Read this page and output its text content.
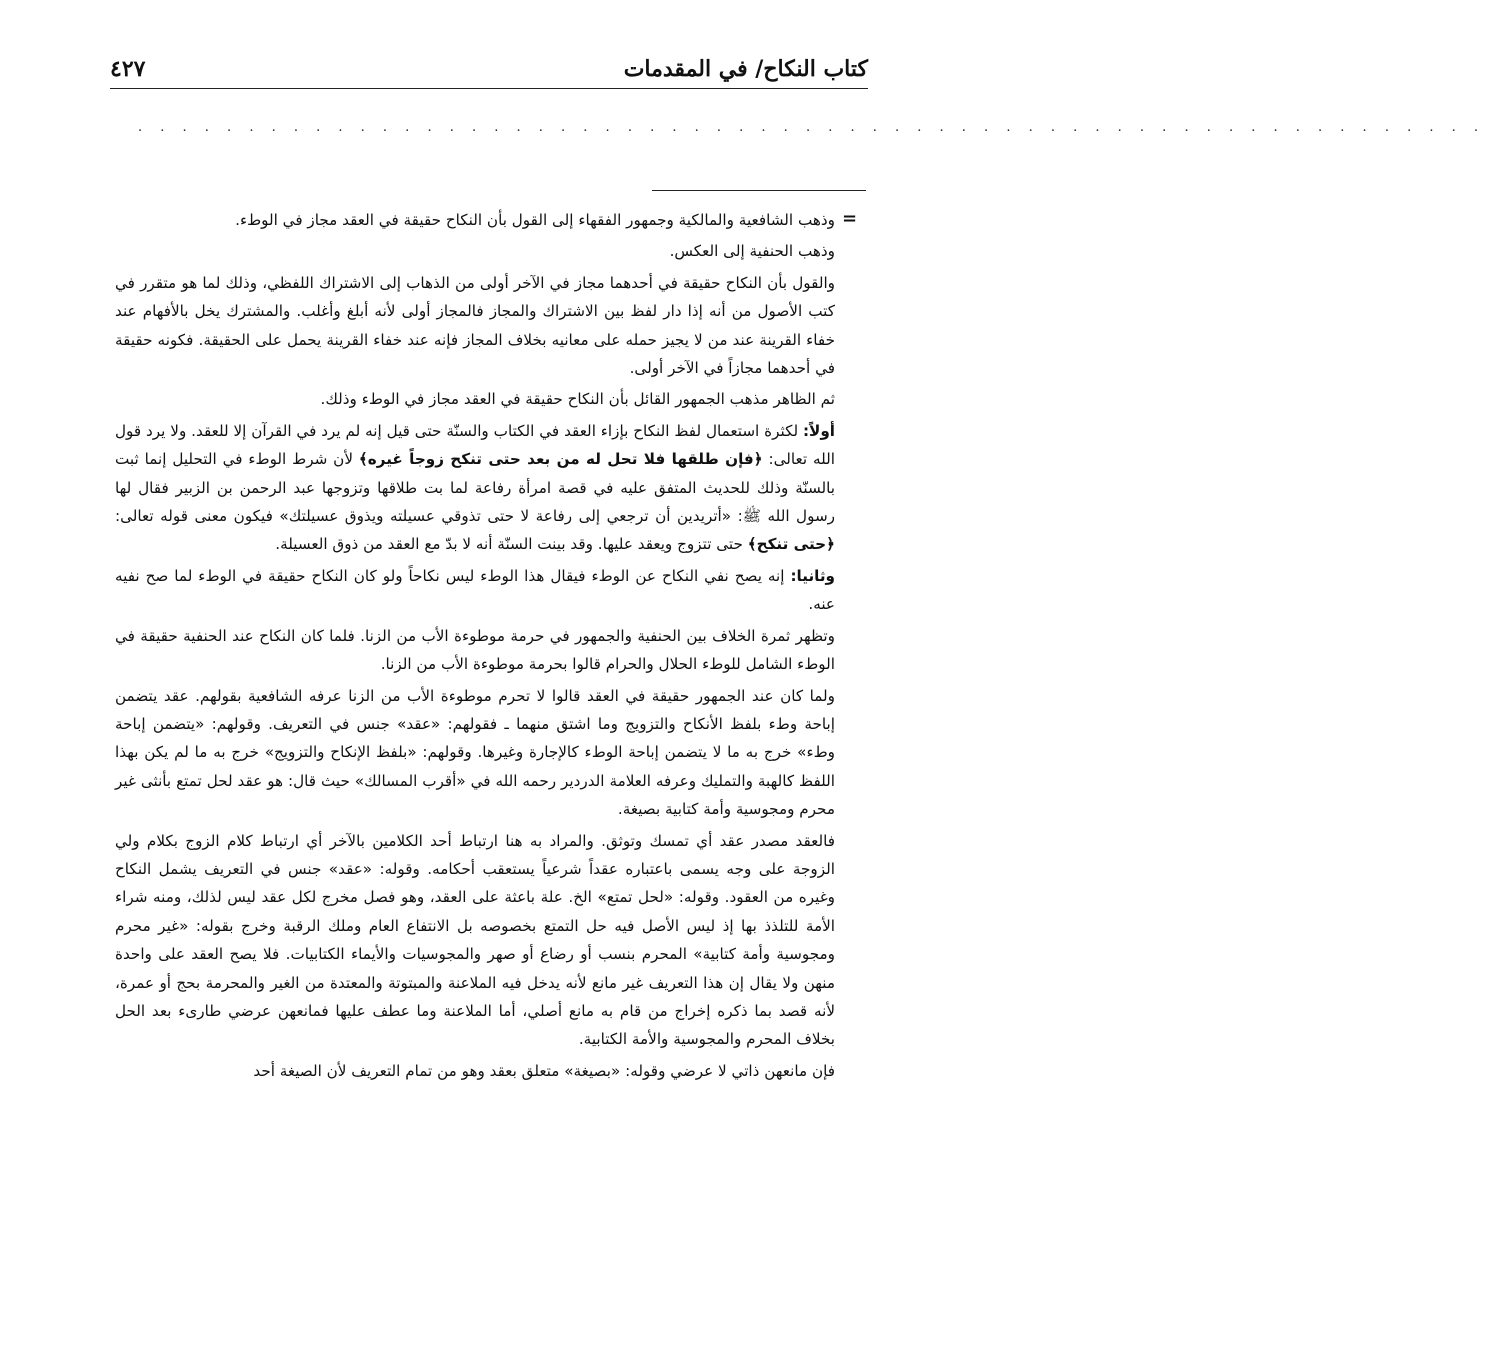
٤٢٧	كتاب النكاح/ في المقدمات
. . . . . . . . . . . . . . . . . . . . . . . . . . . . . . . . . . . . . . . . . . . . . . . . . . . . . . . . . . . . .
=

وذهب الشافعية والمالكية وجمهور الفقهاء إلى القول بأن النكاح حقيقة في العقد مجاز في الوطء.

وذهب الحنفية إلى العكس.

والقول بأن النكاح حقيقة في أحدهما مجاز في الآخر أولى من الذهاب إلى الاشتراك اللفظي، وذلك لما هو متقرر في كتب الأصول من أنه إذا دار لفظ بين الاشتراك والمجاز فالمجاز أولى لأنه أبلغ وأغلب. والمشترك يخل بالأفهام عند خفاء القرينة عند من لا يجيز حمله على معانيه بخلاف المجاز فإنه عند خفاء القرينة يحمل على الحقيقة. فكونه حقيقة في أحدهما مجازاً في الآخر أولى.

ثم الظاهر مذهب الجمهور القائل بأن النكاح حقيقة في العقد مجاز في الوطء وذلك.

أولاً: لكثرة استعمال لفظ النكاح بإزاء العقد في الكتاب والسنّة حتى قيل إنه لم يرد في القرآن إلا للعقد. ولا يرد قول الله تعالى: ﴿فإن طلقها فلا تحل له من بعد حتى تنكح زوجاً غيره﴾ لأن شرط الوطء في التحليل إنما ثبت بالسنّة وذلك للحديث المتفق عليه في قصة امرأة رفاعة لما بت طلاقها وتزوجها عبد الرحمن بن الزبير فقال لها رسول الله ﷺ: «أتريدين أن ترجعي إلى رفاعة لا حتى تذوقي عسيلته ويذوق عسيلتك» فيكون معنى قوله تعالى: ﴿حتى تنكح﴾ حتى تتزوج ويعقد عليها. وقد بينت السنّة أنه لا بدّ مع العقد من ذوق العسيلة.

وثانيا: إنه يصح نفي النكاح عن الوطء فيقال هذا الوطء ليس نكاحاً ولو كان النكاح حقيقة في الوطء لما صح نفيه عنه.

وتظهر ثمرة الخلاف بين الحنفية والجمهور في حرمة موطوءة الأب من الزنا. فلما كان النكاح عند الحنفية حقيقة في الوطء الشامل للوطء الحلال والحرام قالوا بحرمة موطوءة الأب من الزنا.

ولما كان عند الجمهور حقيقة في العقد قالوا لا تحرم موطوءة الأب من الزنا عرفه الشافعية بقولهم. عقد يتضمن إباحة وطء بلفظ الأنكاح والتزويج وما اشتق منهما ـ فقولهم: «عقد» جنس في التعريف. وقولهم: «يتضمن إباحة وطء» خرج به ما لا يتضمن إباحة الوطء كالإجارة وغيرها. وقولهم: «بلفظ الإنكاح والتزويج» خرج به ما لم يكن بهذا اللفظ كالهبة والتمليك وعرفه العلامة الدردير رحمه الله في «أقرب المسالك» حيث قال: هو عقد لحل تمتع بأنثى غير محرم ومجوسية وأمة كتابية بصيغة.

فالعقد مصدر عقد أي تمسك وتوثق. والمراد به هنا ارتباط أحد الكلامين بالآخر أي ارتباط كلام الزوج بكلام ولي الزوجة على وجه يسمى باعتباره عقداً شرعياً يستعقب أحكامه. وقوله: «عقد» جنس في التعريف يشمل النكاح وغيره من العقود. وقوله: «لحل تمتع» الخ. علة باعثة على العقد، وهو فصل مخرج لكل عقد ليس لذلك، ومنه شراء الأمة للتلذذ بها إذ ليس الأصل فيه حل التمتع بخصوصه بل الانتفاع العام وملك الرقبة وخرج بقوله: «غير محرم ومجوسية وأمة كتابية» المحرم بنسب أو رضاع أو صهر والمجوسيات والأيماء الكتابيات. فلا يصح العقد على واحدة منهن ولا يقال إن هذا التعريف غير مانع لأنه يدخل فيه الملاعنة والمبتوتة والمعتدة من الغير والمحرمة بحج أو عمرة، لأنه قصد بما ذكره إخراج من قام به مانع أصلي، أما الملاعنة وما عطف عليها فمانعهن عرضي طارىء بعد الحل بخلاف المحرم والمجوسية والأمة الكتابية.

فإن مانعهن ذاتي لا عرضي وقوله: «بصيغة» متعلق بعقد وهو من تمام التعريف لأن الصيغة أحد
